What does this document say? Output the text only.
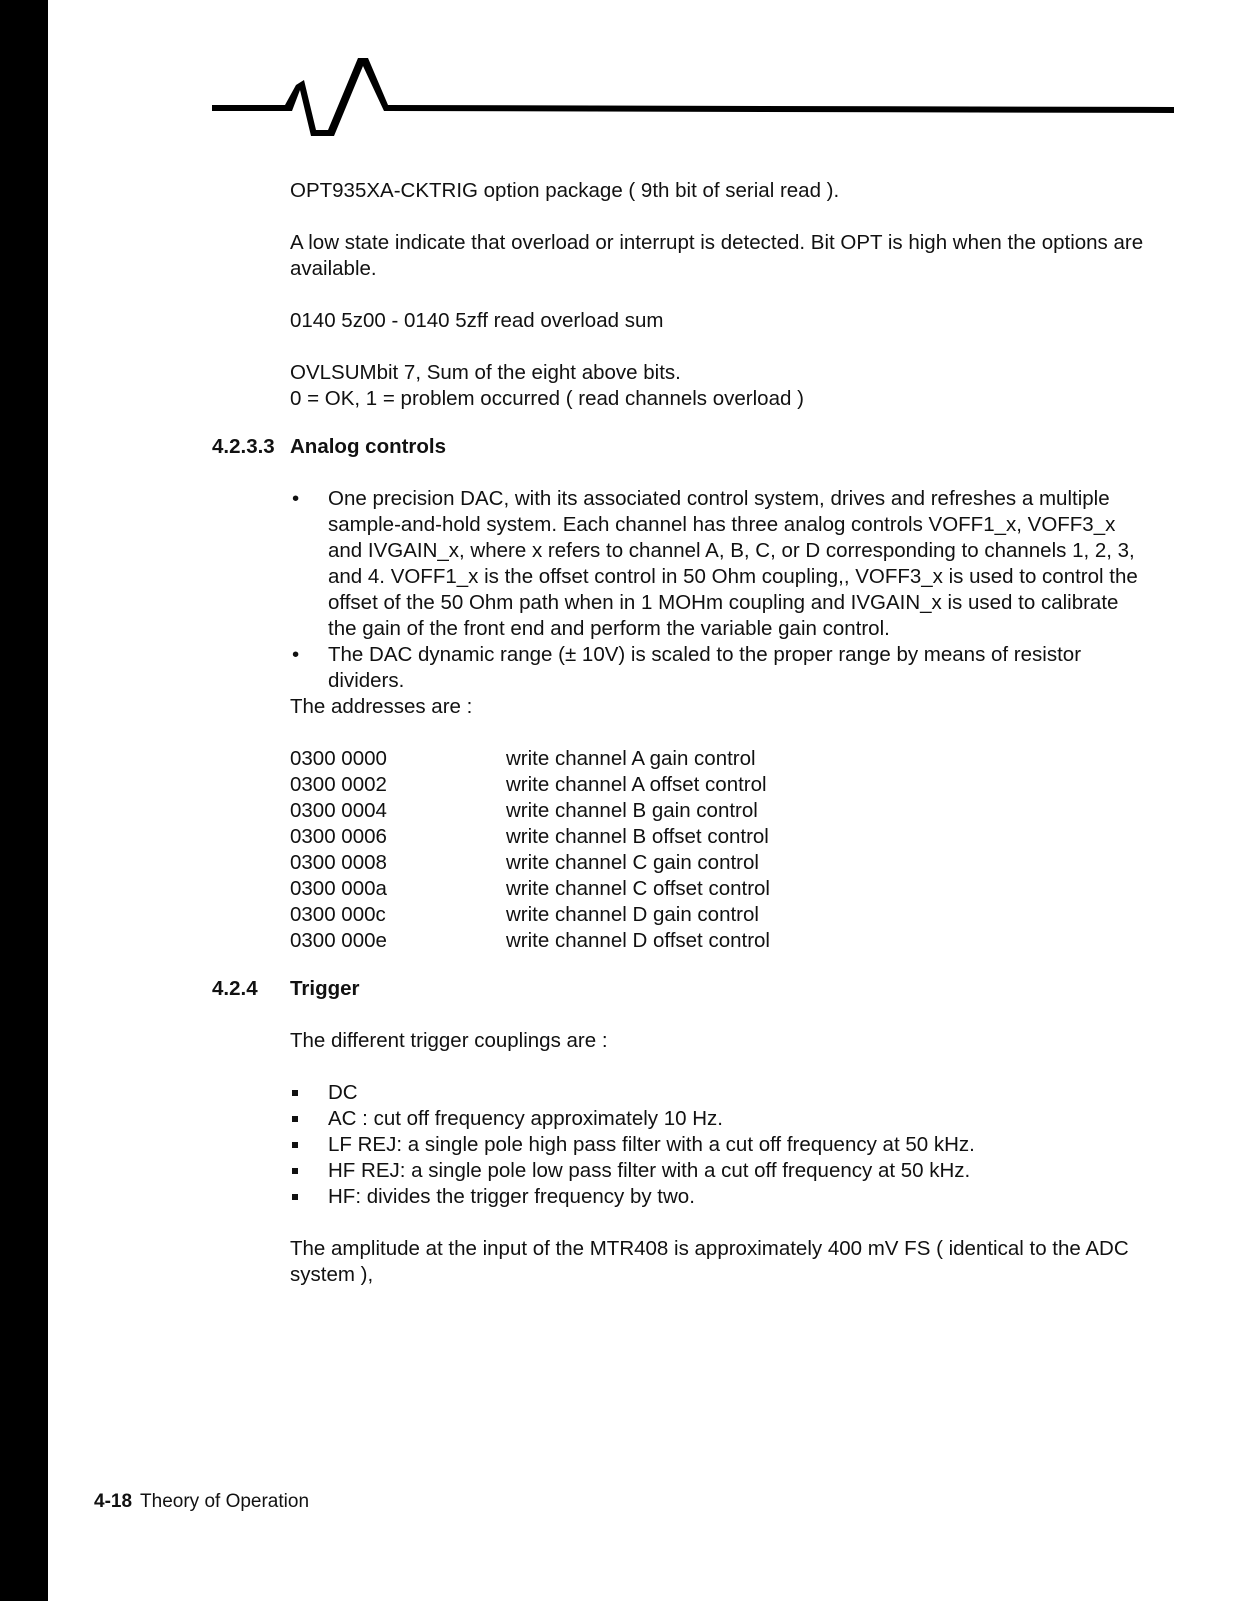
OPT935XA-CKTRIG option package ( 9th bit of serial read ).

A low state indicate that overload or interrupt is detected. Bit OPT is high when the options are available.

0140 5z00 - 0140 5zff read overload sum

OVLSUMbit 7, Sum of the eight above bits.

0 = OK, 1 = problem occurred ( read channels overload )

4.2.3.3 Analog controls
•	One precision DAC, with its associated control system, drives and refreshes a multiple sample-and-hold system. Each channel has three analog controls VOFF1_x, VOFF3_x and IVGAIN_x, where x refers to channel A, B, C, or D corresponding to channels 1, 2, 3, and 4. VOFF1_x is the offset control in 50 Ohm coupling,, VOFF3_x is used to control the offset of the 50 Ohm path when in 1 MOHm coupling and IVGAIN_x is used to calibrate the gain of the front end and perform the variable gain control.
•	The DAC dynamic range (± 10V) is scaled to the proper range by means of resistor dividers.

The addresses are :

0300 0000	write channel A gain control
0300 0002	write channel A offset control
0300 0004	write channel B gain control
0300 0006	write channel B offset control
0300 0008	write channel C gain control
0300 000a	write channel C offset control
0300 000c	write channel D gain control
0300 000e	write channel D offset control
4.2.4	Trigger

The different trigger couplings are :

DC
AC : cut off frequency approximately 10 Hz.
LF REJ: a single pole high pass filter with a cut off frequency at 50 kHz.
HF REJ: a single pole low pass filter with a cut off frequency at 50 kHz.
HF: divides the trigger frequency by two.

The amplitude at the input of the MTR408 is approximately 400 mV FS ( identical to the ADC system ),

4-18 Theory of Operation
